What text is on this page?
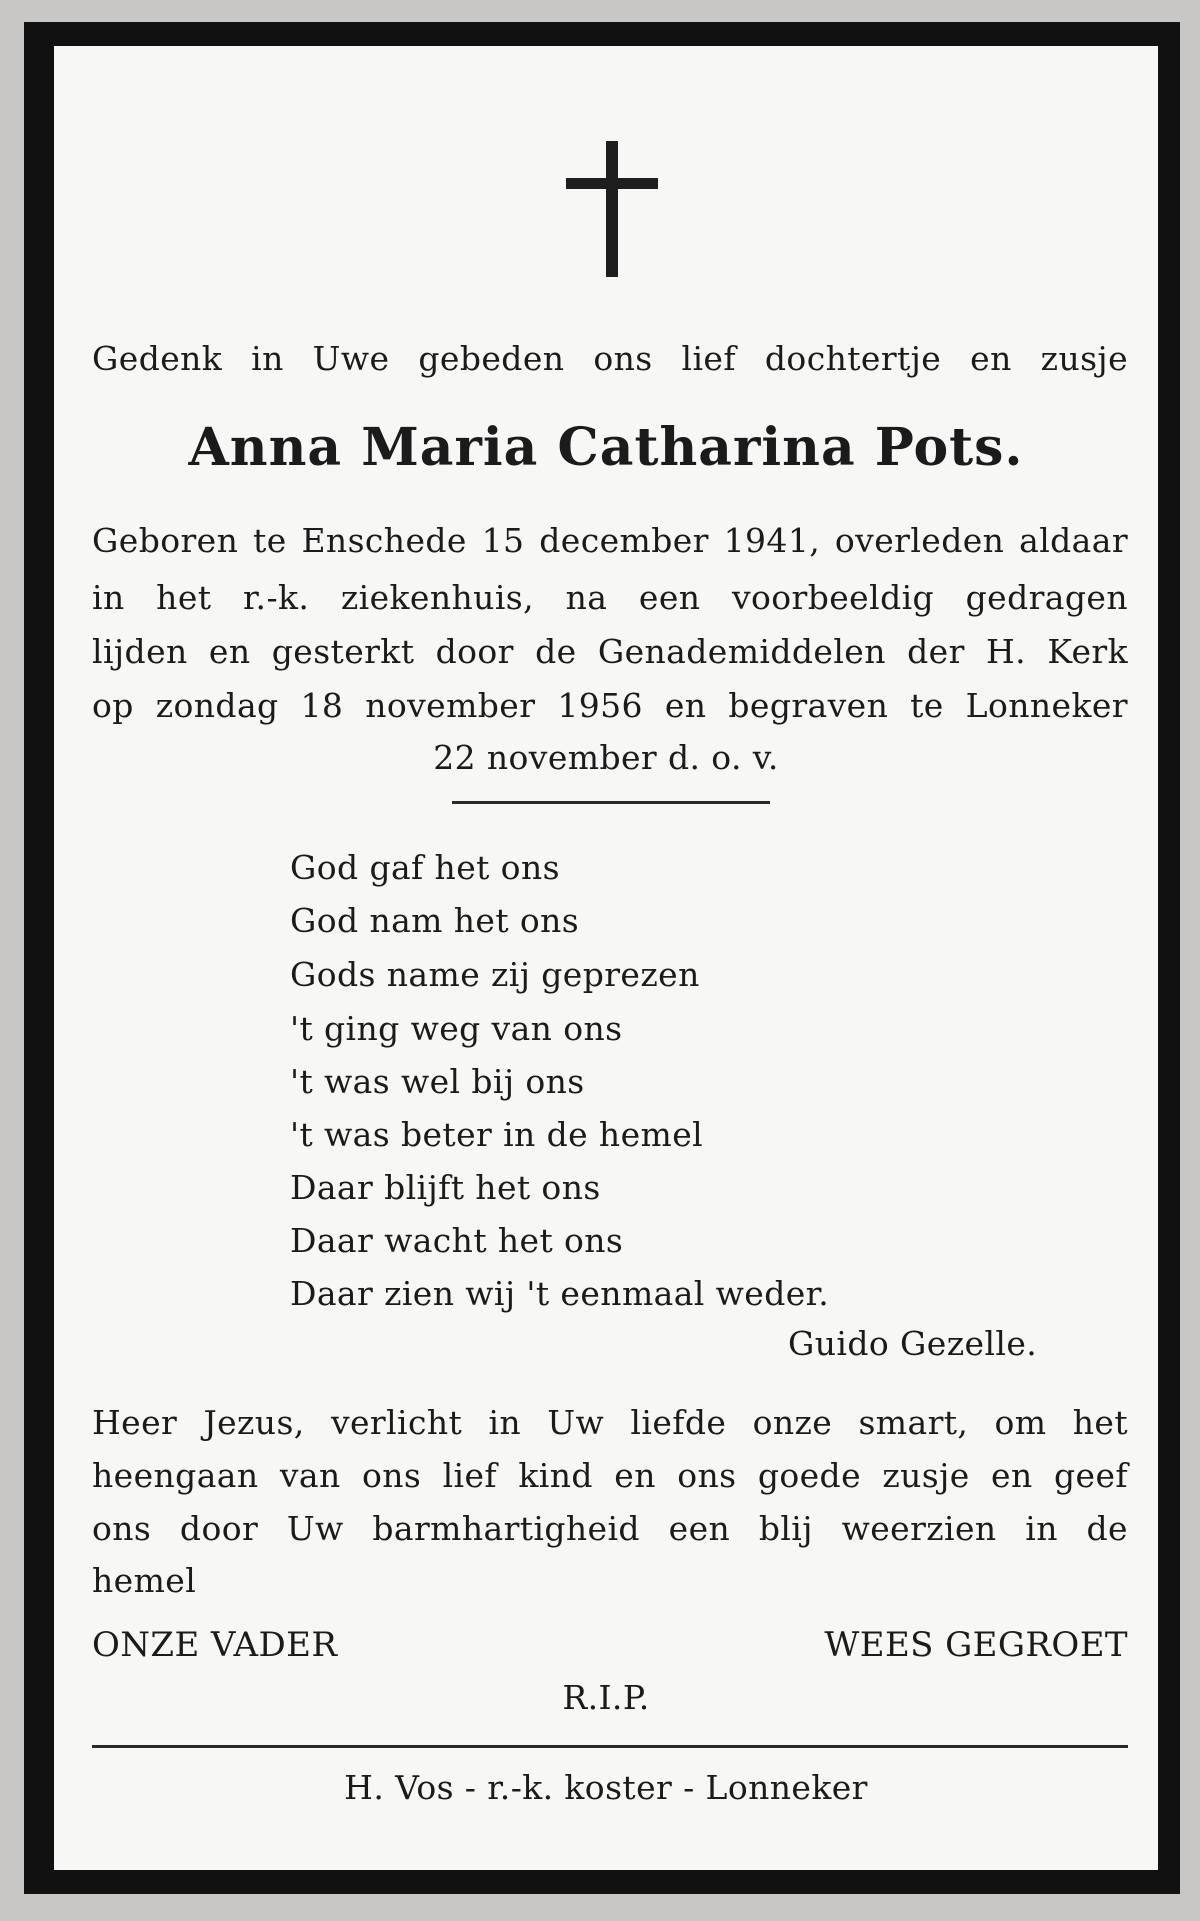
Gedenk in Uwe gebeden ons lief dochtertje en zusje
Anna Maria Catharina Pots.
Geboren te Enschede 15 december 1941, overleden aldaar
in het r.-k. ziekenhuis, na een voorbeeldig gedragen
lijden en gesterkt door de Genademiddelen der H. Kerk
op zondag 18 november 1956 en begraven te Lonneker
22 november d. o. v.
God gaf het ons
God nam het ons
Gods name zij geprezen
't ging weg van ons
't was wel bij ons
't was beter in de hemel
Daar blijft het ons
Daar wacht het ons
Daar zien wij 't eenmaal weder.
Guido Gezelle.
Heer Jezus, verlicht in Uw liefde onze smart, om het
heengaan van ons lief kind en ons goede zusje en geef
ons door Uw barmhartigheid een blij weerzien in de
hemel
ONZE VADER	WEES GEGROET
R.I.P.
H. Vos - r.-k. koster - Lonneker
